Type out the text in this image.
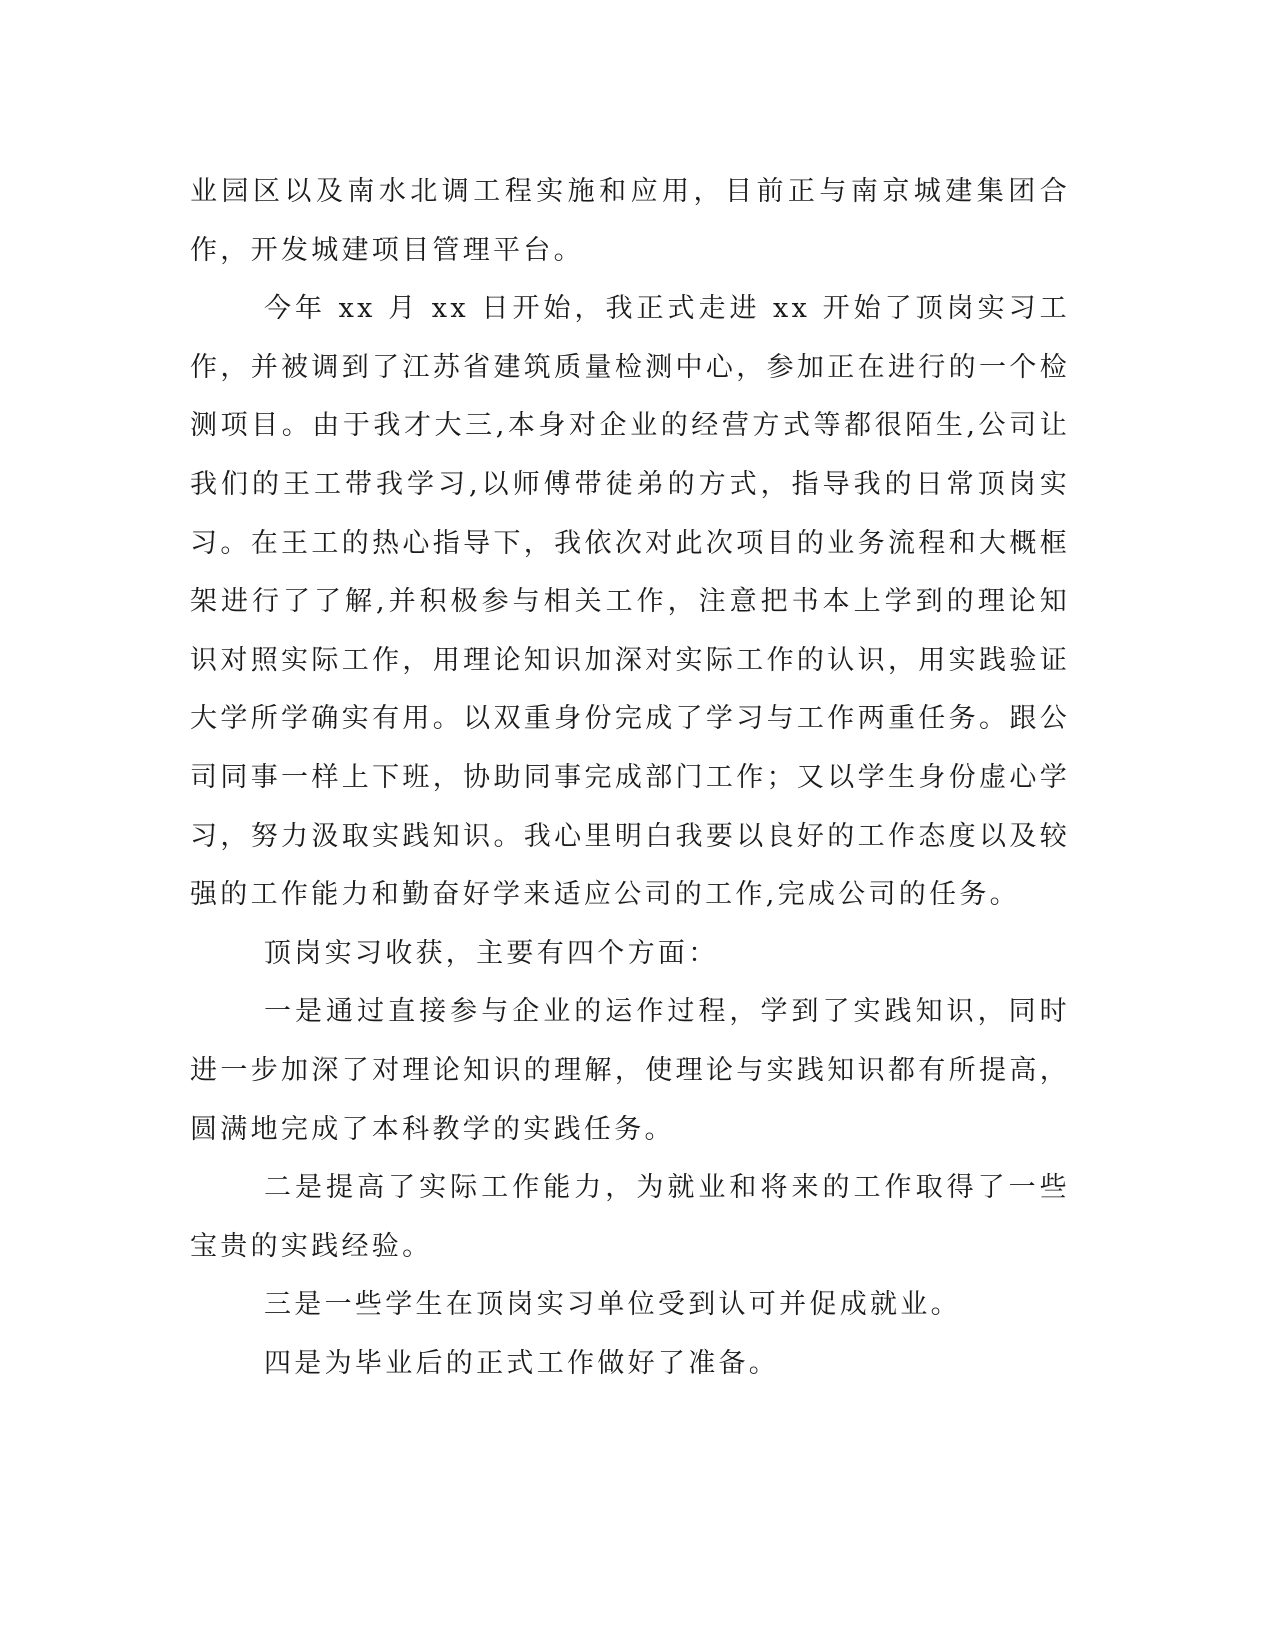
业园区以及南水北调工程实施和应用，目前正与南京城建集团合作，开发城建项目管理平台。

今年 xx 月 xx 日开始，我正式走进 xx 开始了顶岗实习工作，并被调到了江苏省建筑质量检测中心，参加正在进行的一个检测项目。由于我才大三,本身对企业的经营方式等都很陌生,公司让我们的王工带我学习,以师傅带徒弟的方式，指导我的日常顶岗实习。在王工的热心指导下，我依次对此次项目的业务流程和大概框架进行了了解,并积极参与相关工作，注意把书本上学到的理论知识对照实际工作，用理论知识加深对实际工作的认识，用实践验证大学所学确实有用。以双重身份完成了学习与工作两重任务。跟公司同事一样上下班，协助同事完成部门工作；又以学生身份虚心学习，努力汲取实践知识。我心里明白我要以良好的工作态度以及较强的工作能力和勤奋好学来适应公司的工作,完成公司的任务。

顶岗实习收获，主要有四个方面：

一是通过直接参与企业的运作过程，学到了实践知识，同时进一步加深了对理论知识的理解，使理论与实践知识都有所提高，圆满地完成了本科教学的实践任务。

二是提高了实际工作能力，为就业和将来的工作取得了一些宝贵的实践经验。

三是一些学生在顶岗实习单位受到认可并促成就业。

四是为毕业后的正式工作做好了准备。
